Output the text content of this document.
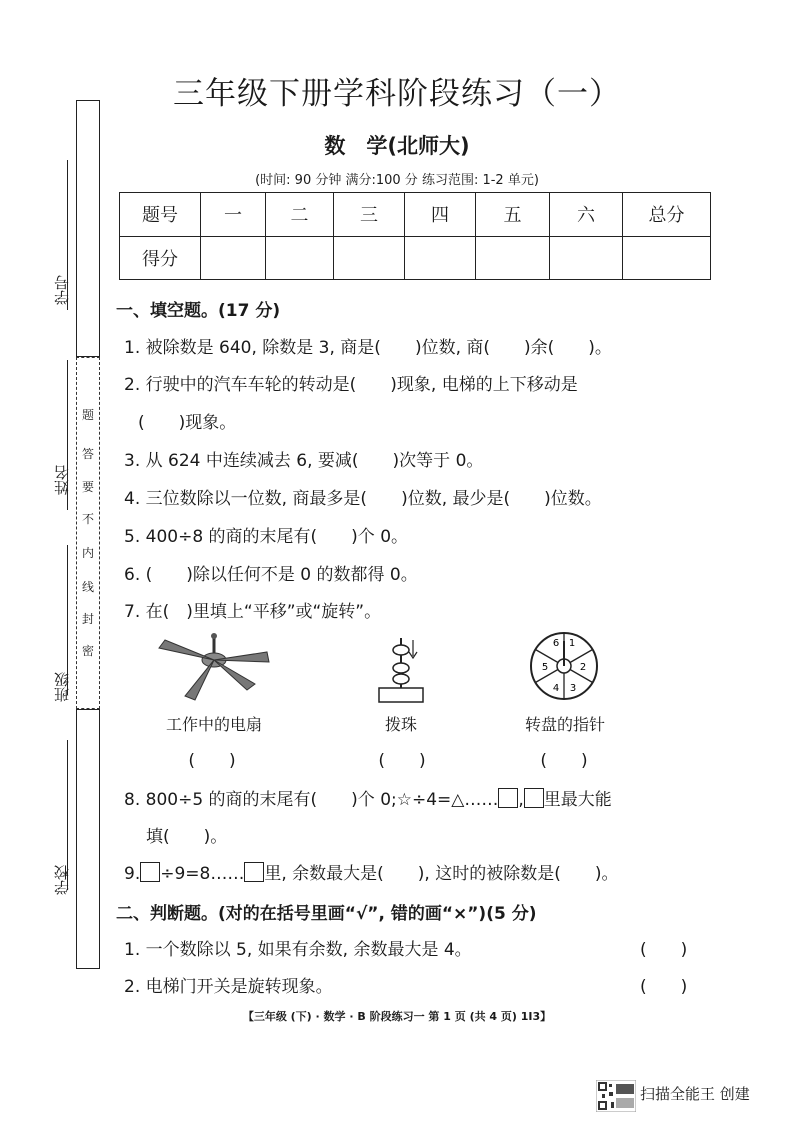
学号
姓名
班级
学校
题
答
要
不
内
线
封
密
三年级下册学科阶段练习（一）
数　学(北师大)
(时间: 90 分钟 满分:100 分 练习范围: 1-2 单元)
题号	一	二	三	四	五	六	总分
得分							
一、填空题。(17 分)
1. 被除数是 640, 除数是 3, 商是(　　)位数, 商(　　)余(　　)。
2. 行驶中的汽车车轮的转动是(　　)现象, 电梯的上下移动是
(　　)现象。
3. 从 624 中连续减去 6, 要减(　　)次等于 0。
4. 三位数除以一位数, 商最多是(　　)位数, 最少是(　　)位数。
5. 400÷8 的商的末尾有(　　)个 0。
6. (　　)除以任何不是 0 的数都得 0。
7. 在(　)里填上“平移”或“旋转”。
1
2
3
4
5
6
工作中的电扇	拨珠	转盘的指针
(　　)	(　　)	(　　)
8. 800÷5 的商的末尾有(　　)个 0;☆÷4=△…… , 里最大能
填(　　)。
9. ÷9=8…… 里, 余数最大是(　　), 这时的被除数是(　　)。
二、判断题。(对的在括号里画“√”, 错的画“×”)(5 分)
1. 一个数除以 5, 如果有余数, 余数最大是 4。	(　　)
2. 电梯门开关是旋转现象。	(　　)
【三年级 (下) · 数学 · B 阶段练习一 第 1 页 (共 4 页) 1I3】
扫描全能王 创建
